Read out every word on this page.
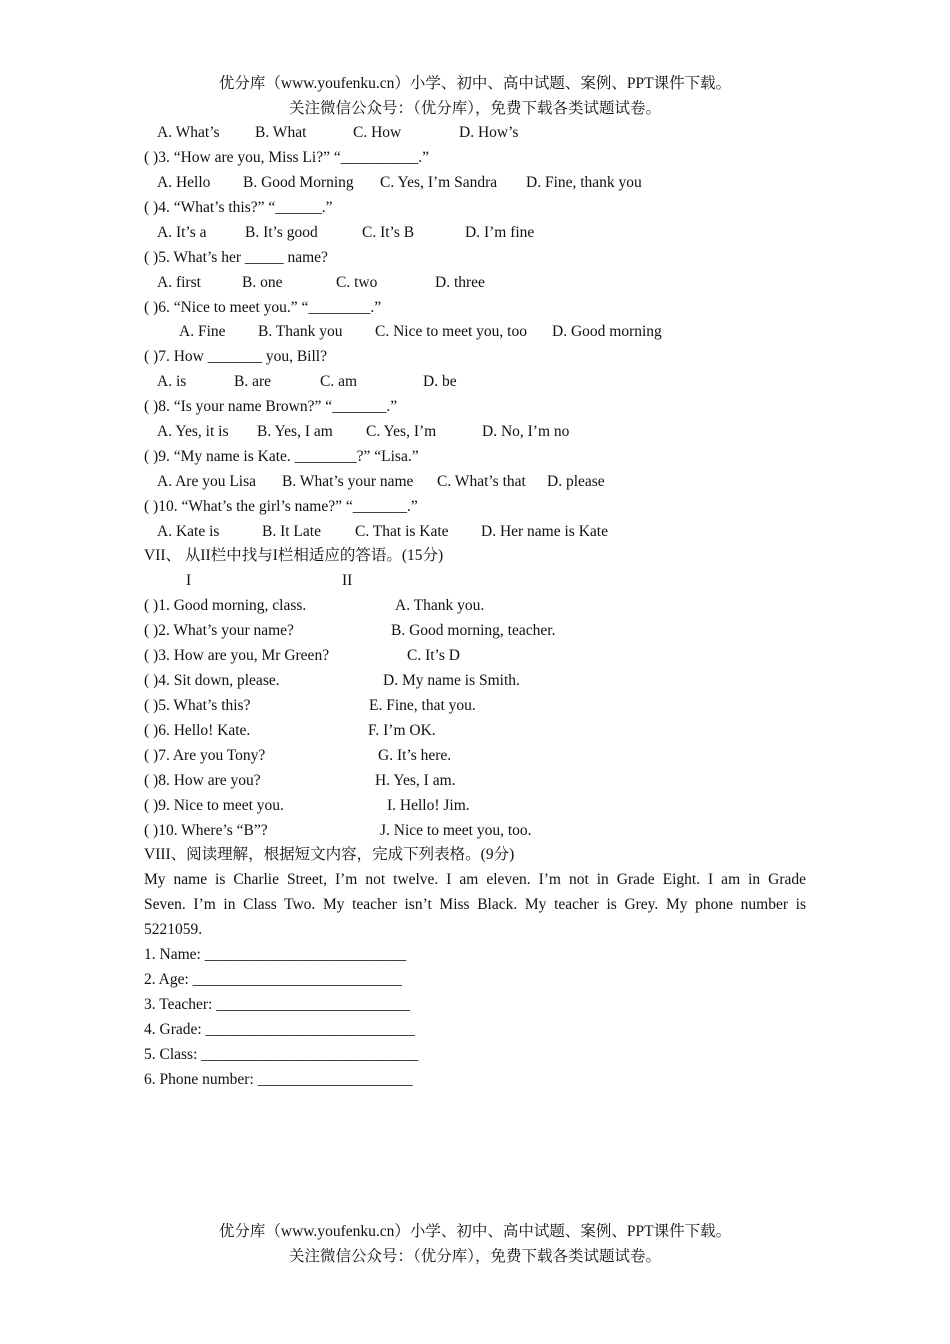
优分库（www.youfenku.cn）小学、初中、高中试题、案例、PPT课件下载。
关注微信公众号：（优分库），免费下载各类试题试卷。
A. What’s B. What	C. How	D. How’s
( )3. “How are you, Miss Li?” “__________.”
A. Hello B. Good Morning C. Yes, I’m Sandra D. Fine, thank you
( )4. “What’s this?” “______.”
A. It’s a B. It’s good	C. It’s B	D. I’m fine
( )5. What’s her _____ name?
A. first	B. one	C. two	D. three
( )6. “Nice to meet you.” “________.”
A. Fine B. Thank you C. Nice to meet you, too D. Good morning
( )7. How _______ you, Bill?
A. is	B. are	C. am	D. be
( )8. “Is your name Brown?” “_______.”
A. Yes, it is B. Yes, I am C. Yes, I’m	D. No, I’m no
( )9. “My name is Kate. ________?” “Lisa.”
A. Are you Lisa B. What’s your name C. What’s that D. please
( )10. “What’s the girl’s name?” “_______.”
A. Kate is	B. It Late C. That is Kate D. Her name is Kate
VII、 从II栏中找与I栏相适应的答语。(15分)
I	II
( )1. Good morning, class.	A. Thank you.
( )2. What’s your name?	B. Good morning, teacher.
( )3. How are you, Mr Green?	C. It’s D
( )4. Sit down, please.	D. My name is Smith.
( )5. What’s this?	E. Fine, that you.
( )6. Hello! Kate.	F. I’m OK.
( )7. Are you Tony?	G. It’s here.
( )8. How are you?	H. Yes, I am.
( )9. Nice to meet you.	I. Hello! Jim.
( )10. Where’s “B”?	J. Nice to meet you, too.
VIII、阅读理解，根据短文内容，完成下列表格。(9分)
My name is Charlie Street, I’m not twelve. I am eleven. I’m not in Grade Eight. I am in Grade
Seven. I’m in Class Two. My teacher isn’t Miss Black. My teacher is Grey. My phone number is
5221059.
1. Name: __________________________
2. Age: ___________________________
3. Teacher: _________________________
4. Grade: ___________________________
5. Class: ____________________________
6. Phone number: ____________________
优分库（www.youfenku.cn）小学、初中、高中试题、案例、PPT课件下载。
关注微信公众号：（优分库），免费下载各类试题试卷。
